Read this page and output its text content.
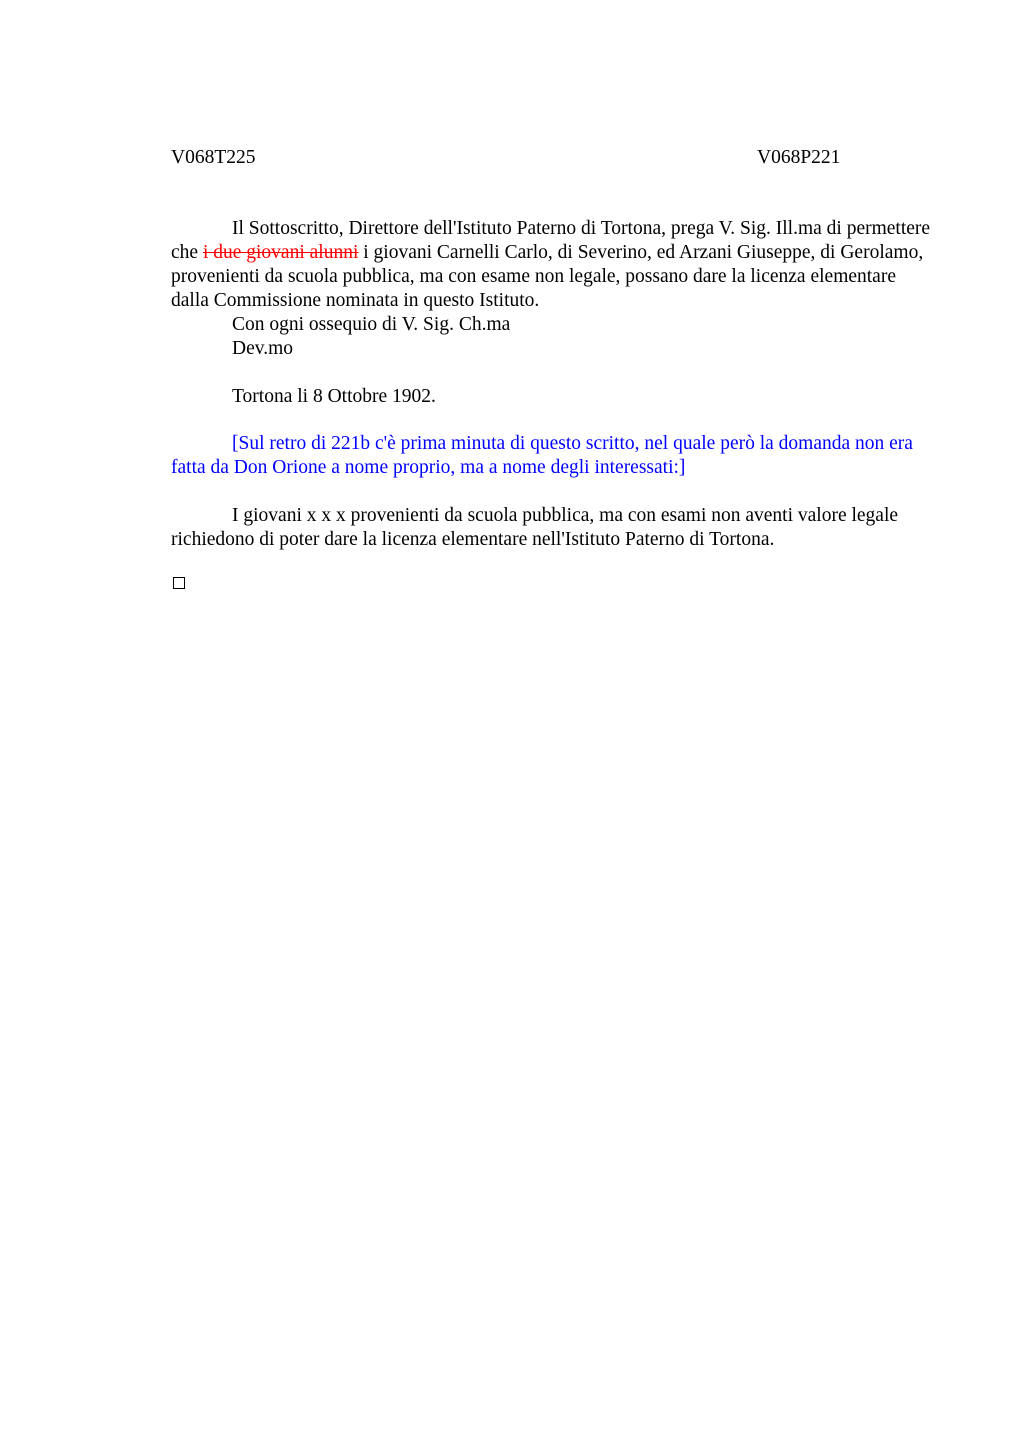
V068T225	V068P221
Il Sottoscritto, Direttore dell'Istituto Paterno di Tortona, prega V. Sig. Ill.ma di permettere che i due giovani alunni i giovani Carnelli Carlo, di Severino, ed Arzani Giuseppe, di Gerolamo, provenienti da scuola pubblica, ma con esame non legale, possano dare la licenza elementare dalla Commissione nominata in questo Istituto.
Con ogni ossequio di V. Sig. Ch.ma
Dev.mo
Tortona li 8 Ottobre 1902.
[Sul retro di 221b c'è prima minuta di questo scritto, nel quale però la domanda non era fatta da Don Orione a nome proprio, ma a nome degli interessati:]
I giovani x x x provenienti da scuola pubblica, ma con esami non aventi valore legale richiedono di poter dare la licenza elementare nell'Istituto Paterno di Tortona.
